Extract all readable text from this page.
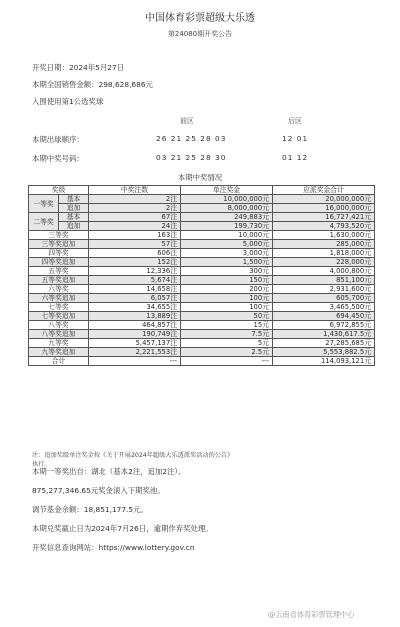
中国体育彩票超级大乐透
第24080期开奖公告
开奖日期：2024年5月27日
本期全国销售金额：298,628,686元
入围使用第1公选奖球
前区	后区
本期出球顺序：	26 21 25 28 03	12 01
本期中奖号码：	03 21 25 28 30	01 12
本期中奖情况
奖级		中奖注数	单注奖金	应派奖金合计
一等奖	基本	2注	10,000,000元	20,000,000元
	追加	2注	8,000,000元	16,000,000元
二等奖	基本	67注	249,883元	16,727,421元
	追加	24注	199,730元	4,793,520元
三等奖		163注	10,000元	1,630,000元
三等奖追加		57注	5,000元	285,000元
四等奖		606注	3,000元	1,818,000元
四等奖追加		152注	1,500元	228,000元
五等奖		12,336注	300元	4,000,800元
五等奖追加		5,674注	150元	851,100元
六等奖		14,658注	200元	2,931,600元
六等奖追加		6,057注	100元	605,700元
七等奖		34,655注	100元	3,465,500元
七等奖追加		13,889注	50元	694,450元
八等奖		464,857注	15元	6,972,855元
八等奖追加		190,749注	7.5元	1,430,617.5元
九等奖		5,457,137注	5元	27,285,685元
九等奖追加		2,221,553注	2.5元	5,553,882.5元
合计		---	---	114,093,121元
注：追加奖级单注奖金按《关于开展2024年超级大乐透派奖活动的公告》
执行。
本期一等奖出自：湖北（基本2注，追加2注）。
875,277,346.65元奖金滚入下期奖池。
调节基金余额：18,851,177.5元。
本期兑奖截止日为2024年7月26日，逾期作弃奖处理。
开奖信息查询网站：https://www.lottery.gov.cn
@云南省体育彩票管理中心
